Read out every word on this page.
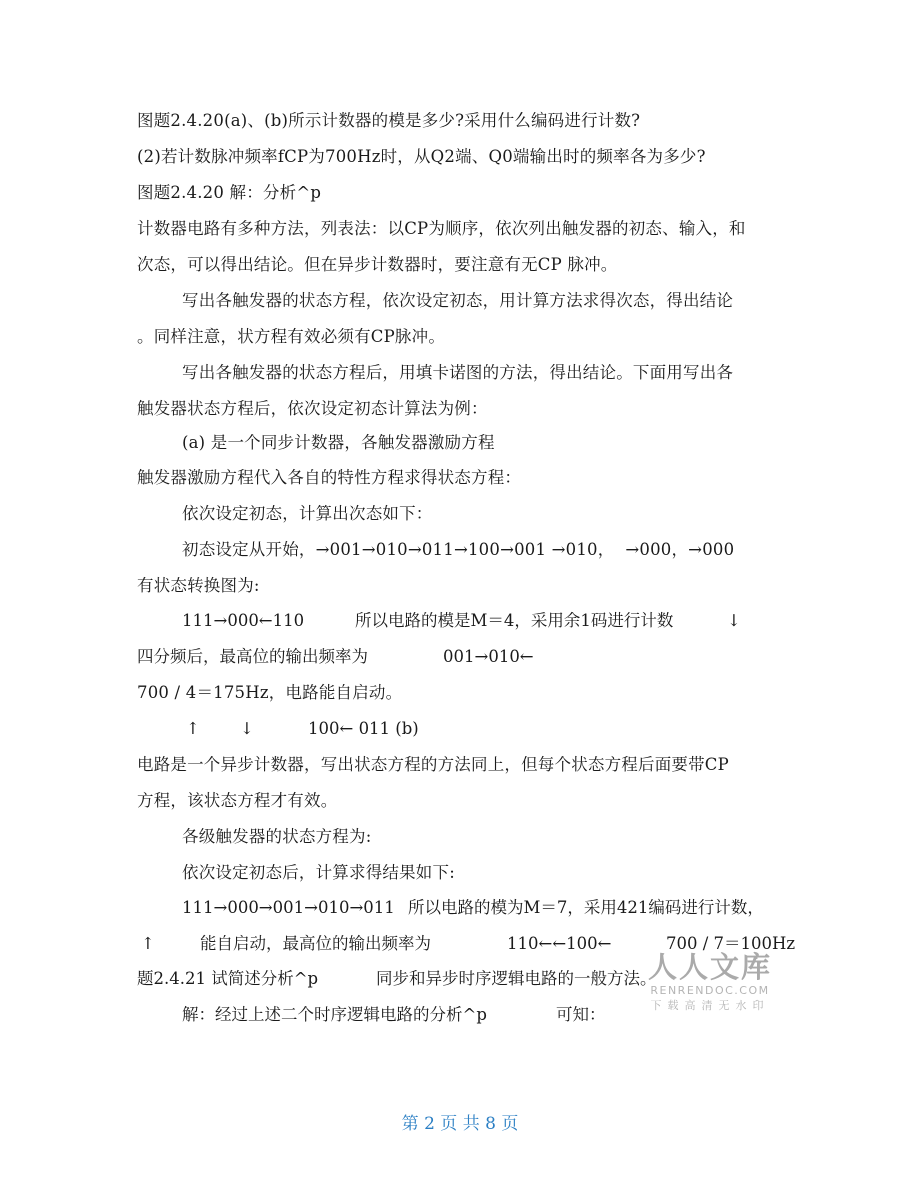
图题2.4.20(a)、(b)所示计数器的模是多少?采用什么编码进行计数?
(2)若计数脉冲频率fCP为700Hz时，从Q2端、Q0端输出时的频率各为多少?
图题2.4.20 解：分析^p
计数器电路有多种方法，列表法：以CP为顺序，依次列出触发器的初态、输入，和
次态，可以得出结论。但在异步计数器时，要注意有无CP 脉冲。
写出各触发器的状态方程，依次设定初态，用计算方法求得次态，得出结论
。同样注意，状方程有效必须有CP脉冲。
写出各触发器的状态方程后，用填卡诺图的方法，得出结论。下面用写出各
触发器状态方程后，依次设定初态计算法为例：
(a) 是一个同步计数器，各触发器激励方程
触发器激励方程代入各自的特性方程求得状态方程：
依次设定初态，计算出次态如下：
初态设定从开始，→001→010→011→100→001 →010，  →000，→000
有状态转换图为:
111→000←110	所以电路的模是M＝4，采用余1码进行计数	↓
四分频后，最高位的输出频率为	001→010←
700 / 4＝175Hz，电路能自启动。
↑ ↓	100← 011 (b)
电路是一个异步计数器，写出状态方程的方法同上，但每个状态方程后面要带CP
方程，该状态方程才有效。
各级触发器的状态方程为:
依次设定初态后，计算求得结果如下:
111→000→001→010→011 所以电路的模为M＝7，采用421编码进行计数，
↑	能自启动，最高位的输出频率为	110←←100←	700 / 7＝100Hz
题2.4.21 试简述分析^p	同步和异步时序逻辑电路的一般方法。
解：经过上述二个时序逻辑电路的分析^p	可知：
人人文库
RENRENDOC.COM
下载高清无水印
第 2 页 共 8 页
